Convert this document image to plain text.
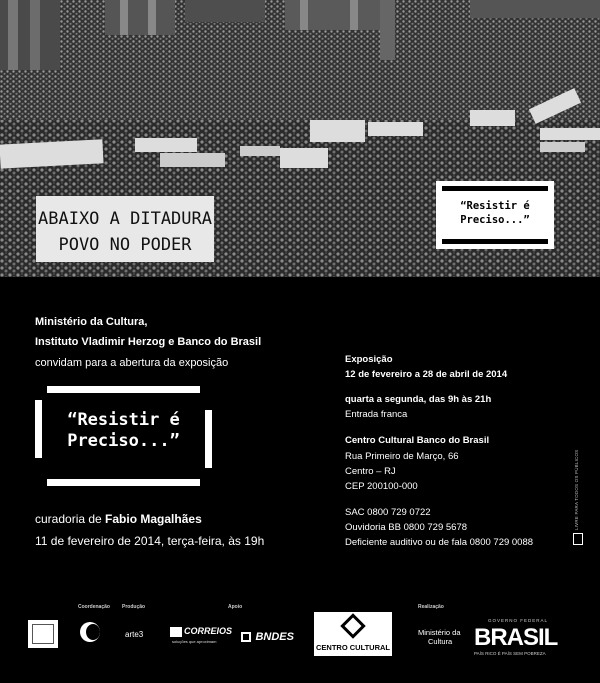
ABAIXO A DITADURA
POVO NO PODER
“Resistir é
Preciso...”
Ministério da Cultura,
Instituto Vladimir Herzog e Banco do Brasil
convidam para a abertura da exposição
“Resistir é
Preciso...”
curadoria de Fabio Magalhães
11 de fevereiro de 2014, terça-feira, às 19h
Exposição
12 de fevereiro a 28 de abril de 2014
quarta a segunda, das 9h às 21h
Entrada franca
Centro Cultural Banco do Brasil
Rua Primeiro de Março, 66
Centro – RJ
CEP 200100-000
SAC 0800 729 0722
Ouvidoria BB 0800 729 5678
Deficiente auditivo ou de fala 0800 729 0088
LIVRE PARA TODOS OS PÚBLICOS
Coordenação Produção	Apoio	Realização
arte3	CORREIOS
soluções que aproximam	BNDES
CENTRO CULTURAL
Ministério da
Cultura
GOVERNO FEDERAL
BRASIL
PAÍS RICO É PAÍS SEM POBREZA
